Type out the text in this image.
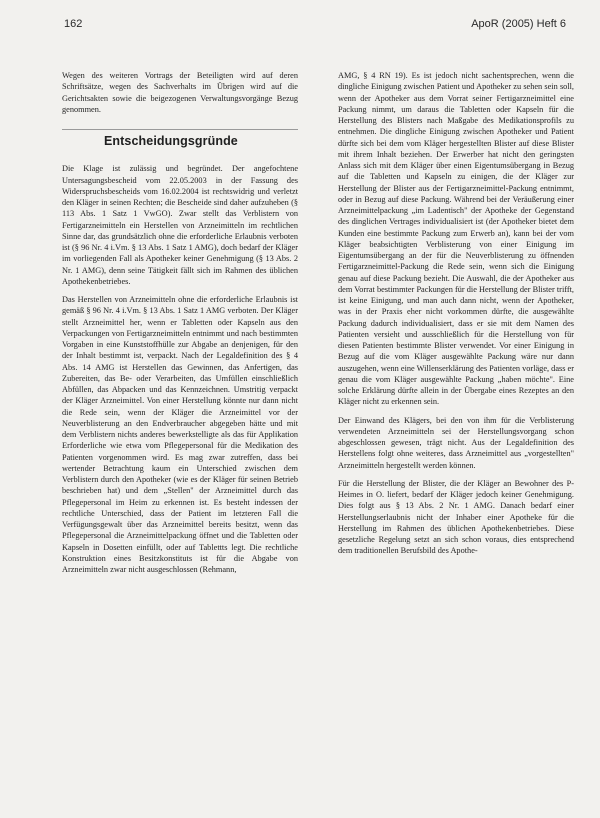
162	ApoR (2005) Heft 6

Wegen des weiteren Vortrags der Beteiligten wird auf deren Schriftsätze, wegen des Sachverhalts im Übrigen wird auf die Gerichtsakten sowie die beigezogenen Verwaltungsvorgänge Bezug genommen.

Entscheidungsgründe

Die Klage ist zulässig und begründet. Der angefochtene Untersagungsbescheid vom 22.05.2003 in der Fassung des Widerspruchsbescheids vom 16.02.2004 ist rechtswidrig und verletzt den Kläger in seinen Rechten; die Bescheide sind daher aufzuheben (§ 113 Abs. 1 Satz 1 VwGO). Zwar stellt das Verblistern von Fertigarzneimitteln ein Herstellen von Arzneimitteln im rechtlichen Sinne dar, das grundsätzlich ohne die erforderliche Erlaubnis verboten ist (§ 96 Nr. 4 i.Vm. § 13 Abs. 1 Satz 1 AMG), doch bedarf der Kläger im vorliegenden Fall als Apotheker keiner Genehmigung (§ 13 Abs. 2 Nr. 1 AMG), denn seine Tätigkeit fällt sich im Rahmen des üblichen Apothekenbetriebes.

Das Herstellen von Arzneimitteln ohne die erforderliche Erlaubnis ist gemäß § 96 Nr. 4 i.Vm. § 13 Abs. 1 Satz 1 AMG verboten. Der Kläger stellt Arzneimittel her, wenn er Tabletten oder Kapseln aus den Verpackungen von Fertigarzneimitteln entnimmt und nach bestimmten Vorgaben in eine Kunststoffhülle zur Abgabe an denjenigen, für den der Inhalt bestimmt ist, verpackt. Nach der Legaldefinition des § 4 Abs. 14 AMG ist Herstellen das Gewinnen, das Anfertigen, das Zubereiten, das Be- oder Verarbeiten, das Umfüllen einschließlich Abfüllen, das Abpacken und das Kennzeichnen. Umstritig verpackt der Kläger Arzneimittel. Von einer Herstellung könnte nur dann nicht die Rede sein, wenn der Kläger die Arzneimittel vor der Neuverblisterung an den Endverbraucher abgegeben hätte und mit dem Verblistern nichts anderes bewerkstelligte als das für Applikation Erforderliche wie etwa vom Pflegepersonal für die Medikation des Patienten vorgenommen wird. Es mag zwar zutreffen, dass bei wertender Betrachtung kaum ein Unterschied zwischen dem Verblistern durch den Apotheker (wie es der Kläger für seinen Betrieb beschrieben hat) und dem „Stellen" der Arzneimittel durch das Pflegepersonal im Heim zu erkennen ist. Es besteht indessen der rechtliche Unterschied, dass der Patient im letzteren Fall die Verfügungsgewalt über das Arzneimittel bereits besitzt, wenn das Pflegepersonal die Arzneimittelpackung öffnet und die Tabletten oder Kapseln in Dosetten einfüllt, oder auf Tablettts legt. Die rechtliche Konstruktion eines Besitzkonstituts ist für die Abgabe von Arzneimitteln zwar nicht ausgeschlossen (Rehmann,

AMG, § 4 RN 19). Es ist jedoch nicht sachentsprechen, wenn die dingliche Einigung zwischen Patient und Apotheker zu sehen sein soll, wenn der Apotheker aus dem Vorrat seiner Fertigarzneimittel eine Packung nimmt, um daraus die Tabletten oder Kapseln für die Herstellung des Blisters nach Maßgabe des Medikationsprofils zu entnehmen. Die dingliche Einigung zwischen Apotheker und Patient dürfte sich bei dem vom Kläger hergestellten Blister auf diese Blister mit ihrem Inhalt beziehen. Der Erwerber hat nicht den geringsten Anlass sich mit dem Kläger über einen Eigentumsübergang in Bezug auf die Tabletten und Kapseln zu einigen, die der Kläger zur Herstellung der Blister aus der Fertigarzneimittel-Packung entnimmt, oder in Bezug auf diese Packung. Während bei der Veräußerung einer Arzneimittelpackung „im Ladentisch" der Apotheke der Gegenstand des dinglichen Vertrages individualisiert ist (der Apotheker bietet dem Kunden eine bestimmte Packung zum Erwerb an), kann bei der vom Kläger beabsichtigten Verblisterung von einer Einigung im Eigentumsübergang an der für die Neuverblisterung zu öffnenden Fertigarzneimittel-Packung die Rede sein, wenn sich die Einigung genau auf diese Packung bezieht. Die Auswahl, die der Apotheker aus dem Vorrat bestimmter Packungen für die Herstellung der Blister trifft, ist keine Einigung, und man auch dann nicht, wenn der Apotheker, was in der Praxis eher nicht vorkommen dürfte, die ausgewählte Packung dadurch individualisiert, dass er sie mit dem Namen des Patienten versieht und ausschließlich für die Herstellung von für diesen Patienten bestimmte Blister verwendet. Vor einer Einigung in Bezug auf die vom Kläger ausgewählte Packung wäre nur dann auszugehen, wenn eine Willenserklärung des Patienten vorläge, dass er genau die vom Kläger ausgewählte Packung „haben möchte". Eine solche Erklärung dürfte allein in der Übergabe eines Rezeptes an den Kläger nicht zu erkennen sein.

Der Einwand des Klägers, bei den von ihm für die Verblisterung verwendeten Arzneimitteln sei der Herstellungsvorgang schon abgeschlossen gewesen, trägt nicht. Aus der Legaldefinition des Herstellens folgt ohne weiteres, dass Arzneimittel aus „vorgestellten" Arzneimitteln hergestellt werden können.

Für die Herstellung der Blister, die der Kläger an Bewohner des P-Heimes in O. liefert, bedarf der Kläger jedoch keiner Genehmigung. Dies folgt aus § 13 Abs. 2 Nr. 1 AMG. Danach bedarf einer Herstellungserlaubnis nicht der Inhaber einer Apotheke für die Herstellung im Rahmen des üblichen Apothekenbetriebes. Diese gesetzliche Regelung setzt an sich schon voraus, dies entsprechend dem traditionellen Berufsbild des Apothe-
